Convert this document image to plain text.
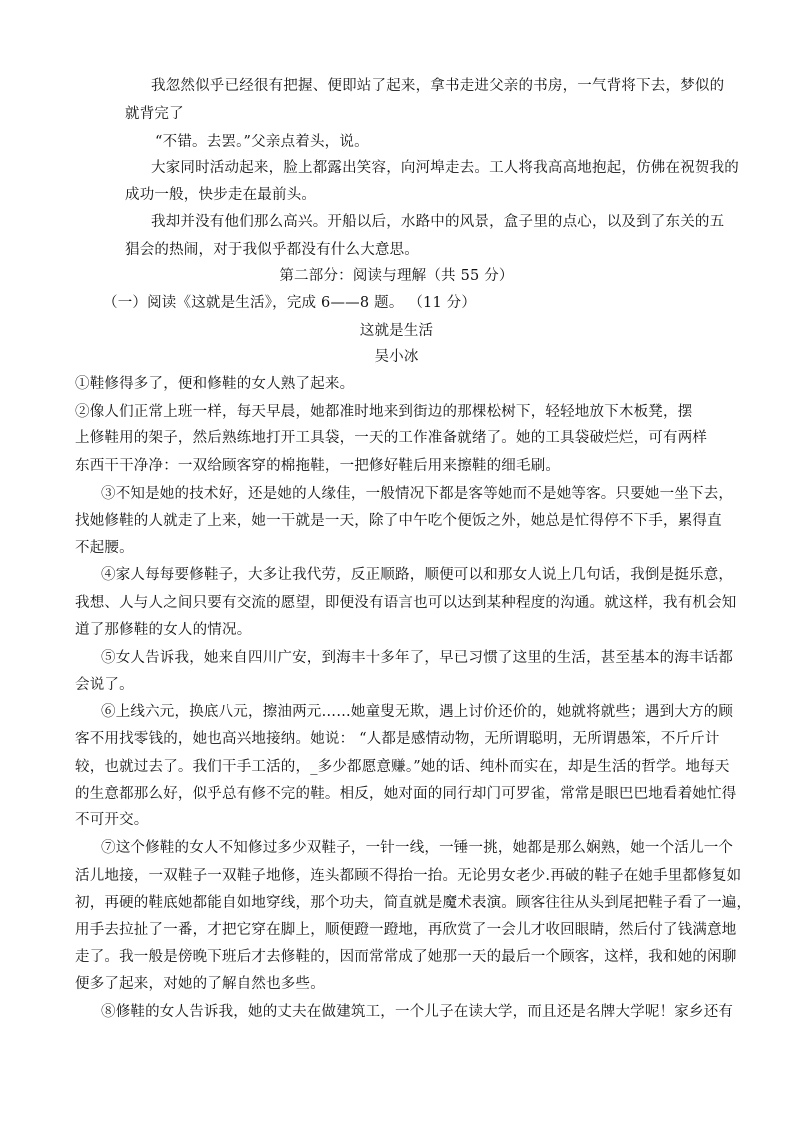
我忽然似乎已经很有把握、便即站了起来，拿书走进父亲的书房，一气背将下去，梦似的
就背完了
“不错。去罢。”父亲点着头，说。
大家同时活动起来，脸上都露出笑容，向河埠走去。工人将我高高地抱起，仿佛在祝贺我的
成功一般，快步走在最前头。
我却并没有他们那么高兴。开船以后，水路中的风景，盒子里的点心，以及到了东关的五
猖会的热闹，对于我似乎都没有什么大意思。
第二部分：阅读与理解（共 55 分）
（一）阅读《这就是生活》，完成 6——8 题。 （11 分）
这就是生活
吴小冰
①鞋修得多了，便和修鞋的女人熟了起来。
②像人们正常上班一样，每天早晨，她都准时地来到街边的那棵松树下，轻轻地放下木板凳，摆
上修鞋用的架子，然后熟练地打开工具袋，一天的工作准备就绪了。她的工具袋破烂烂，可有两样
东西干干净净：一双给顾客穿的棉拖鞋，一把修好鞋后用来擦鞋的细毛刷。
③不知是她的技术好，还是她的人缘佳，一般情况下都是客等她而不是她等客。只要她一坐下去，
找她修鞋的人就走了上来，她一干就是一天，除了中午吃个便饭之外，她总是忙得停不下手，累得直
不起腰。
④家人每每要修鞋子，大多让我代劳，反正顺路，顺便可以和那女人说上几句话，我倒是挺乐意，
我想、人与人之间只要有交流的愿望，即便没有语言也可以达到某种程度的沟通。就这样，我有机会知
道了那修鞋的女人的情况。
⑤女人告诉我，她来自四川广安，到海丰十多年了，早已习惯了这里的生活，甚至基本的海丰话都
会说了。
⑥上线六元，换底八元，擦油两元……她童叟无欺，遇上讨价还价的，她就将就些；遇到大方的顾
客不用找零钱的，她也高兴地接纳。她说： “人都是感情动物，无所谓聪明，无所谓愚笨，不斤斤计
较，也就过去了。我们干手工活的，_多少都愿意赚。”她的话、纯朴而实在，却是生活的哲学。地每天
的生意都那么好，似乎总有修不完的鞋。相反，她对面的同行却门可罗雀，常常是眼巴巴地看着她忙得
不可开交。
⑦这个修鞋的女人不知修过多少双鞋子，一针一线，一锤一挑，她都是那么娴熟，她一个活儿一个
活儿地接，一双鞋子一双鞋子地修，连头都顾不得抬一抬。无论男女老少.再破的鞋子在她手里都修复如
初，再硬的鞋底她都能自如地穿线，那个功夫，简直就是魔术表演。顾客往往从头到尾把鞋子看了一遍，
用手去拉扯了一番，才把它穿在脚上，顺便蹬一蹬地，再欣赏了一会儿才收回眼睛，然后付了钱满意地
走了。我一般是傍晚下班后才去修鞋的，因而常常成了她那一天的最后一个顾客，这样，我和她的闲聊
便多了起来，对她的了解自然也多些。
⑧修鞋的女人告诉我，她的丈夫在做建筑工，一个儿子在读大学，而且还是名牌大学呢！家乡还有
